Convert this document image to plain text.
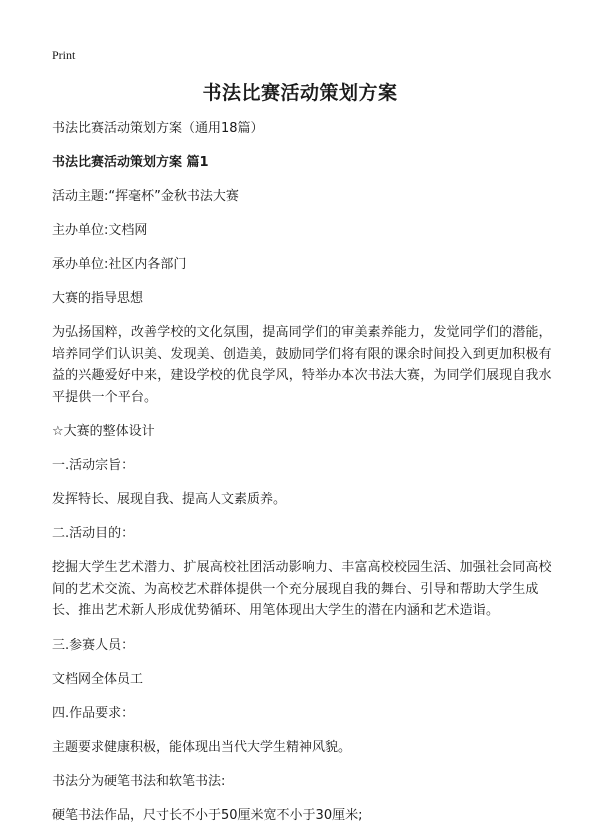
Print
书法比赛活动策划方案

书法比赛活动策划方案（通用18篇）

书法比赛活动策划方案 篇1

活动主题:“挥毫杯”金秋书法大赛

主办单位:文档网

承办单位:社区内各部门

大赛的指导思想

为弘扬国粹，改善学校的文化氛围，提高同学们的审美素养能力，发觉同学们的潜能，培养同学们认识美、发现美、创造美，鼓励同学们将有限的课余时间投入到更加积极有益的兴趣爱好中来，建设学校的优良学风，特举办本次书法大赛，为同学们展现自我水平提供一个平台。

☆大赛的整体设计

一.活动宗旨：

发挥特长、展现自我、提高人文素质养。

二.活动目的：

挖掘大学生艺术潜力、扩展高校社团活动影响力、丰富高校校园生活、加强社会同高校间的艺术交流、为高校艺术群体提供一个充分展现自我的舞台、引导和帮助大学生成长、推出艺术新人形成优势循环、用笔体现出大学生的潜在内涵和艺术造诣。

三.参赛人员：

文档网全体员工

四.作品要求：

主题要求健康积极，能体现出当代大学生精神风貌。

书法分为硬笔书法和软笔书法:

硬笔书法作品，尺寸长不小于50厘米宽不小于30厘米;
